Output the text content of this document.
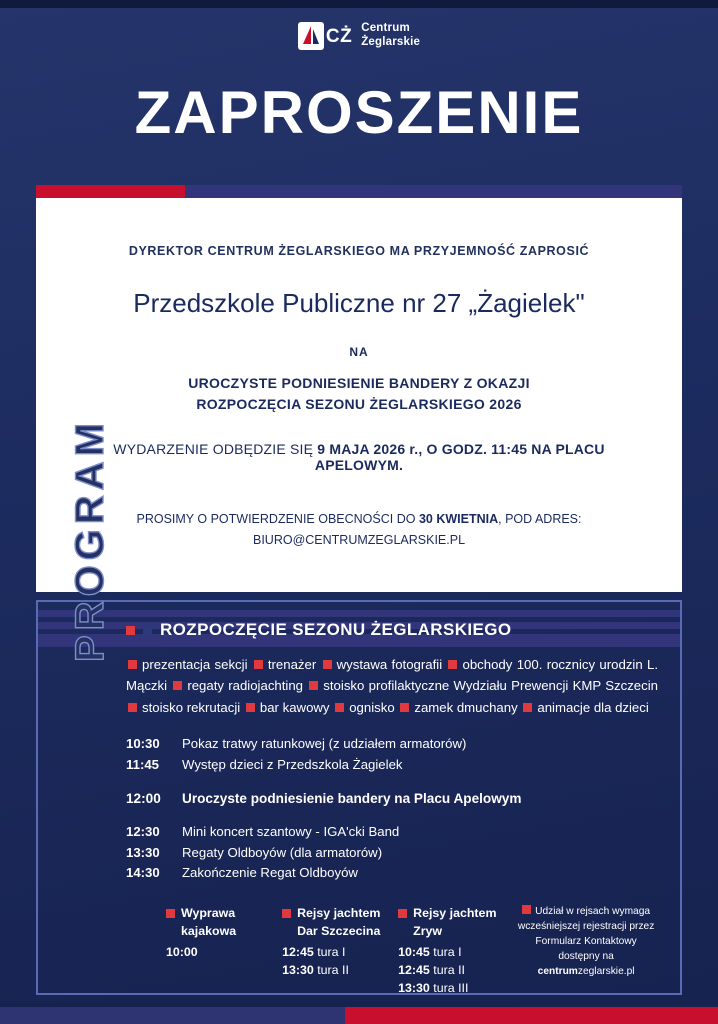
CŻ Centrum
Żeglarskie
ZAPROSZENIE
DYREKTOR CENTRUM ŻEGLARSKIEGO MA PRZYJEMNOŚĆ ZAPROSIĆ
Przedszkole Publiczne nr 27 „Żagielek"
NA
UROCZYSTE PODNIESIENIE BANDERY Z OKAZJI
ROZPOCZĘCIA SEZONU ŻEGLARSKIEGO 2026
WYDARZENIE ODBĘDZIE SIĘ 9 MAJA 2026 r., O GODZ. 11:45 NA PLACU APELOWYM.
PROSIMY O POTWIERDZENIE OBECNOŚCI DO 30 KWIETNIA, POD ADRES:
BIURO@CENTRUMZEGLARSKIE.PL
PROGRAM	ROZPOCZĘCIE SEZONU ŻEGLARSKIEGO
prezentacja sekcji trenażer wystawa fotografii obchody 100. rocznicy urodzin L. Mączki regaty radiojachting stoisko profilaktyczne Wydziału Prewencji KMP Szczecin stoisko rekrutacji bar kawowy ognisko zamek dmuchany animacje dla dzieci
10:30	Pokaz tratwy ratunkowej (z udziałem armatorów)
11:45	Występ dzieci z Przedszkola Żagielek
12:00	Uroczyste podniesienie bandery na Placu Apelowym
12:30	Mini koncert szantowy - IGA'cki Band
13:30	Regaty Oldboyów (dla armatorów)
14:30	Zakończenie Regat Oldboyów
Wyprawa
kajakowa
10:00
Rejsy jachtem
Dar Szczecina
12:45 tura I
13:30 tura II
Rejsy jachtem
Zryw
10:45 tura I
12:45 tura II
13:30 tura III
Udział w rejsach wymaga
wcześniejszej rejestracji przez
Formularz Kontaktowy
dostępny na
centrumzeglarskie.pl
